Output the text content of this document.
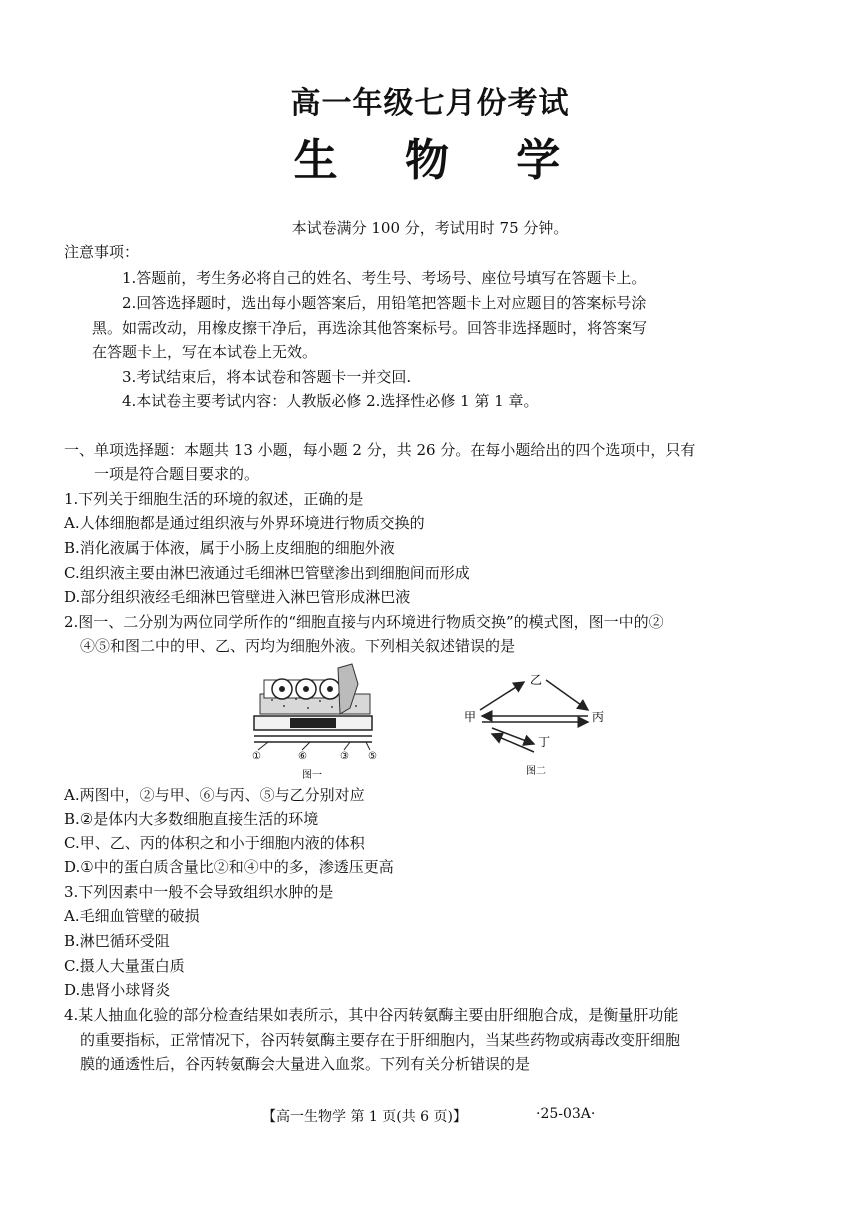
高一年级七月份考试
生 物 学
本试卷满分 100 分，考试用时 75 分钟。
注意事项：
1.答题前，考生务必将自己的姓名、考生号、考场号、座位号填写在答题卡上。
2.回答选择题时，选出每小题答案后，用铅笔把答题卡上对应题目的答案标号涂
黑。如需改动，用橡皮擦干净后，再选涂其他答案标号。回答非选择题时，将答案写
在答题卡上，写在本试卷上无效。
3.考试结束后，将本试卷和答题卡一并交回.
4.本试卷主要考试内容：人教版必修 2.选择性必修 1 第 1 章。
一、单项选择题：本题共 13 小题，每小题 2 分，共 26 分。在每小题给出的四个选项中，只有
一项是符合题目要求的。
1.下列关于细胞生活的环境的叙述，正确的是
A.人体细胞都是通过组织液与外界环境进行物质交换的
B.消化液属于体液，属于小肠上皮细胞的细胞外液
C.组织液主要由淋巴液通过毛细淋巴管壁渗出到细胞间而形成
D.部分组织液经毛细淋巴管壁进入淋巴管形成淋巴液
2.图一、二分别为两位同学所作的“细胞直接与内环境进行物质交换”的模式图，图一中的②
④⑤和图二中的甲、乙、丙均为细胞外液。下列相关叙述错误的是
①	⑥	③ ⑤
图一
甲
乙
丙
丁
图二
A.两图中，②与甲、⑥与丙、⑤与乙分别对应
B.②是体内大多数细胞直接生活的环境
C.甲、乙、丙的体积之和小于细胞内液的体积
D.①中的蛋白质含量比②和④中的多，渗透压更高
3.下列因素中一般不会导致组织水肿的是
A.毛细血管壁的破损
B.淋巴循环受阻
C.摄人大量蛋白质
D.患肾小球肾炎
4.某人抽血化验的部分检查结果如表所示，其中谷丙转氨酶主要由肝细胞合成，是衡量肝功能
的重要指标，正常情况下，谷丙转氨酶主要存在于肝细胞内，当某些药物或病毒改变肝细胞
膜的通透性后，谷丙转氨酶会大量进入血浆。下列有关分析错误的是
【高一生物学 第 1 页(共 6 页)】	·25-03A·
